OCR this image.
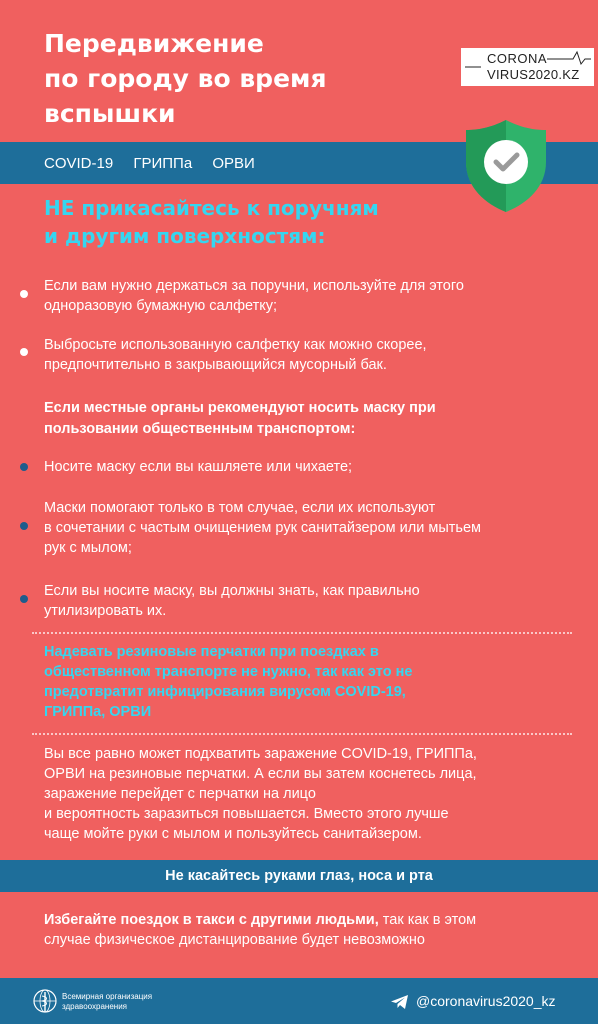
Передвижение
по городу во время
вспышки
CORONA
VIRUS2020.KZ
COVID-19 ГРИППа ОРВИ
НЕ прикасайтесь к поручням
и другим поверхностям:
Если вам нужно держаться за поручни, используйте для этого
одноразовую бумажную салфетку;
Выбросьте использованную салфетку как можно скорее,
предпочтительно в закрывающийся мусорный бак.
Если местные органы рекомендуют носить маску при
пользовании общественным транспортом:
Носите маску если вы кашляете или чихаете;
Маски помогают только в том случае, если их используют
в сочетании с частым очищением рук санитайзером или мытьем
рук с мылом;
Если вы носите маску, вы должны знать, как правильно
утилизировать их.
Надевать резиновые перчатки при поездках в
общественном транспорте не нужно, так как это не
предотвратит инфицирования вирусом COVID-19,
ГРИППа, ОРВИ
Вы все равно может подхватить заражение COVID-19, ГРИППа,
ОРВИ на резиновые перчатки. А если вы затем коснетесь лица,
заражение перейдет с перчатки на лицо
и вероятность заразиться повышается. Вместо этого лучше
чаще мойте руки с мылом и пользуйтесь санитайзером.
Не касайтесь руками глаз, носа и рта
Избегайте поездок в такси с другими людьми, так как в этом
случае физическое дистанцирование будет невозможно
Всемирная организация
здравоохранения	@coronavirus2020_kz
